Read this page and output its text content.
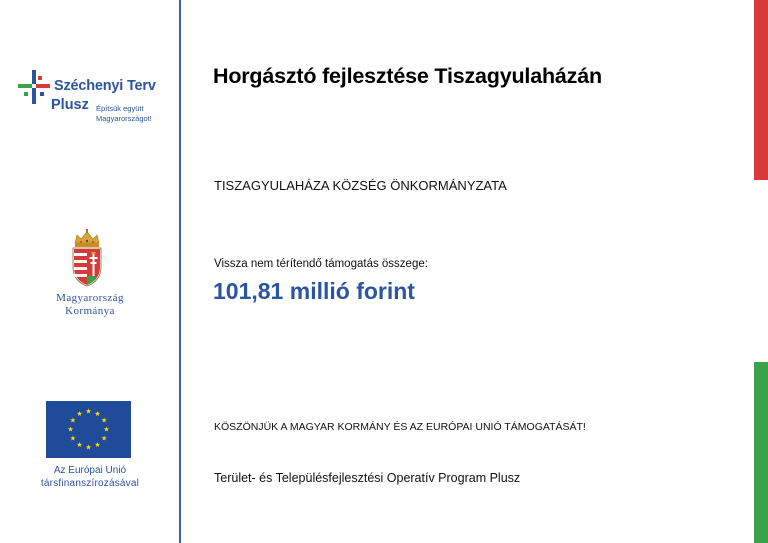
Széchenyi Terv
Plusz Építsük együtt
Magyarországot!
Magyarország
Kormánya
★ ★
★
★
★
★
★
★
★
★
★
★
Az Európai Unió
társfinanszírozásával
Horgásztó fejlesztése Tiszagyulaházán
TISZAGYULAHÁZA KÖZSÉG ÖNKORMÁNYZATA
Vissza nem térítendő támogatás összege:
101,81 millió forint
KÖSZÖNJÜK A MAGYAR KORMÁNY ÉS AZ EURÓPAI UNIÓ TÁMOGATÁSÁT!
Terület- és Településfejlesztési Operatív Program Plusz
